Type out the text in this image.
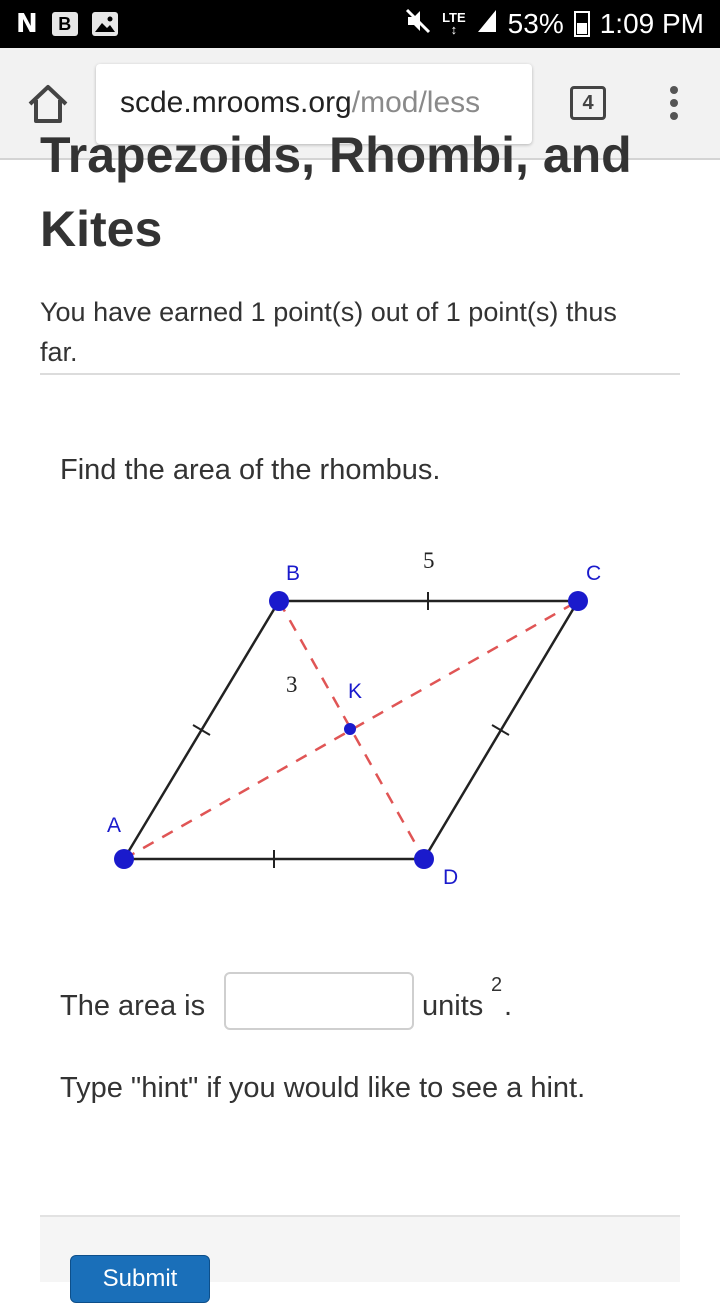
N	B	LTE
↕	53% 1:09 PM
scde.mrooms.org/mod/less	4
Trapezoids, Rhombi, and
Kites
You have earned 1 point(s) out of 1 point(s) thus far.
Find the area of the rhombus.
A
B	C
D
K
5
3
The area is	units
2
.
Type "hint" if you would like to see a hint.
Submit
